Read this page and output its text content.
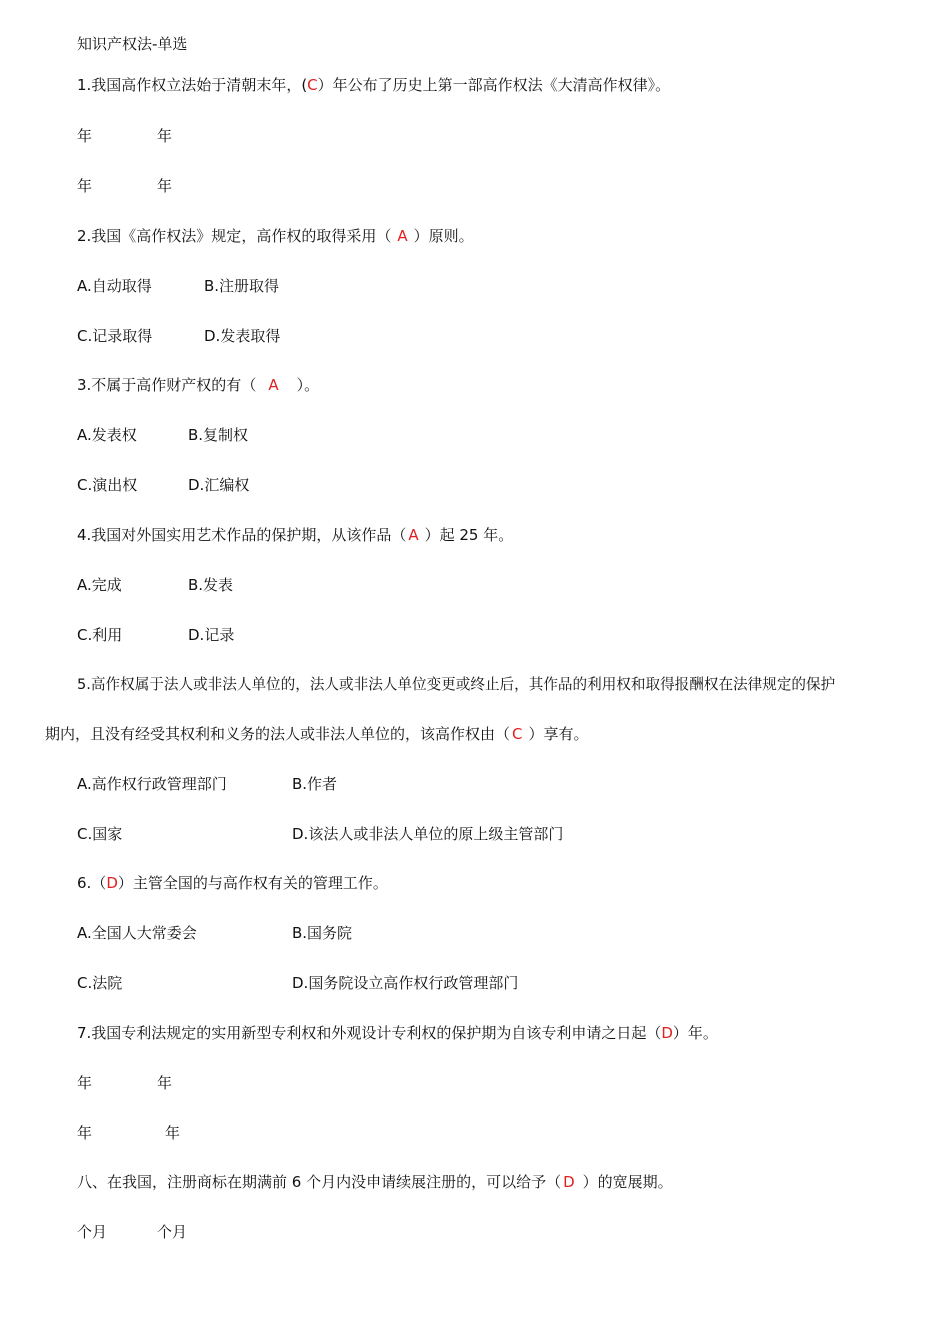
知识产权法-单选
1.我国高作权立法始于清朝末年，(C）年公布了历史上第一部高作权法《大清高作权律》。
年	年
年	年
2.我国《高作权法》规定，高作权的取得采用（ A ）原则。
A.自动取得	B.注册取得
C.记录取得	D.发表取得
3.不属于高作财产权的有（ A ）。
A.发表权	B.复制权
C.演出权	D.汇编权
4.我国对外国实用艺术作品的保护期，从该作品（ A ）起 25 年。
A.完成	B.发表
C.利用	D.记录
5.高作权属于法人或非法人单位的，法人或非法人单位变更或终止后，其作品的利用权和取得报酬权在法律规定的保护
期内，且没有经受其权利和义务的法人或非法人单位的，该高作权由（ C ）享有。
A.高作权行政管理部门	B.作者
C.国家	D.该法人或非法人单位的原上级主管部门
6.（D）主管全国的与高作权有关的管理工作。
A.全国人大常委会	B.国务院
C.法院	D.国务院设立高作权行政管理部门
7.我国专利法规定的实用新型专利权和外观设计专利权的保护期为自该专利申请之日起（D）年。
年	年
年	年
八、在我国，注册商标在期满前 6 个月内没申请续展注册的，可以给予（ D ）的宽展期。
个月	个月
